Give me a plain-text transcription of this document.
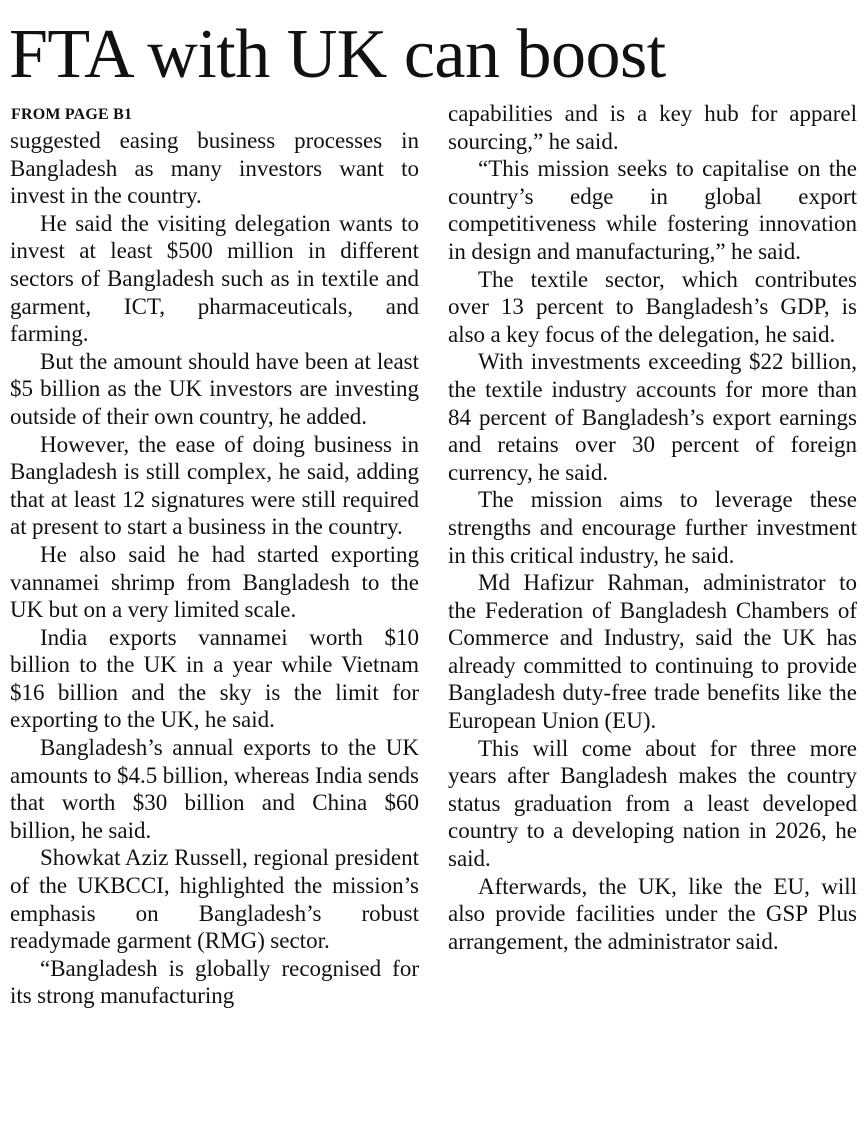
FTA with UK can boost
FROM PAGE B1

suggested easing business processes in Bangladesh as many investors want to invest in the country.

He said the visiting delegation wants to invest at least $500 million in different sectors of Bangladesh such as in textile and garment, ICT, pharmaceuticals, and farming.

But the amount should have been at least $5 billion as the UK investors are investing outside of their own country, he added.

However, the ease of doing business in Bangladesh is still complex, he said, adding that at least 12 signatures were still required at present to start a business in the country.

He also said he had started exporting vannamei shrimp from Bangladesh to the UK but on a very limited scale.

India exports vannamei worth $10 billion to the UK in a year while Vietnam $16 billion and the sky is the limit for exporting to the UK, he said.

Bangladesh’s annual exports to the UK amounts to $4.5 billion, whereas India sends that worth $30 billion and China $60 billion, he said.

Showkat Aziz Russell, regional president of the UKBCCI, highlighted the mission’s emphasis on Bangladesh’s robust readymade garment (RMG) sector.

“Bangladesh is globally recognised for its strong manufacturing

capabilities and is a key hub for apparel sourcing,” he said.

“This mission seeks to capitalise on the country’s edge in global export competitiveness while fostering innovation in design and manufacturing,” he said.

The textile sector, which contributes over 13 percent to Bangladesh’s GDP, is also a key focus of the delegation, he said.

With investments exceeding $22 billion, the textile industry accounts for more than 84 percent of Bangladesh’s export earnings and retains over 30 percent of foreign currency, he said.

The mission aims to leverage these strengths and encourage further investment in this critical industry, he said.

Md Hafizur Rahman, administrator to the Federation of Bangladesh Chambers of Commerce and Industry, said the UK has already committed to continuing to provide Bangladesh duty-free trade benefits like the European Union (EU).

This will come about for three more years after Bangladesh makes the country status graduation from a least developed country to a developing nation in 2026, he said.

Afterwards, the UK, like the EU, will also provide facilities under the GSP Plus arrangement, the administrator said.
